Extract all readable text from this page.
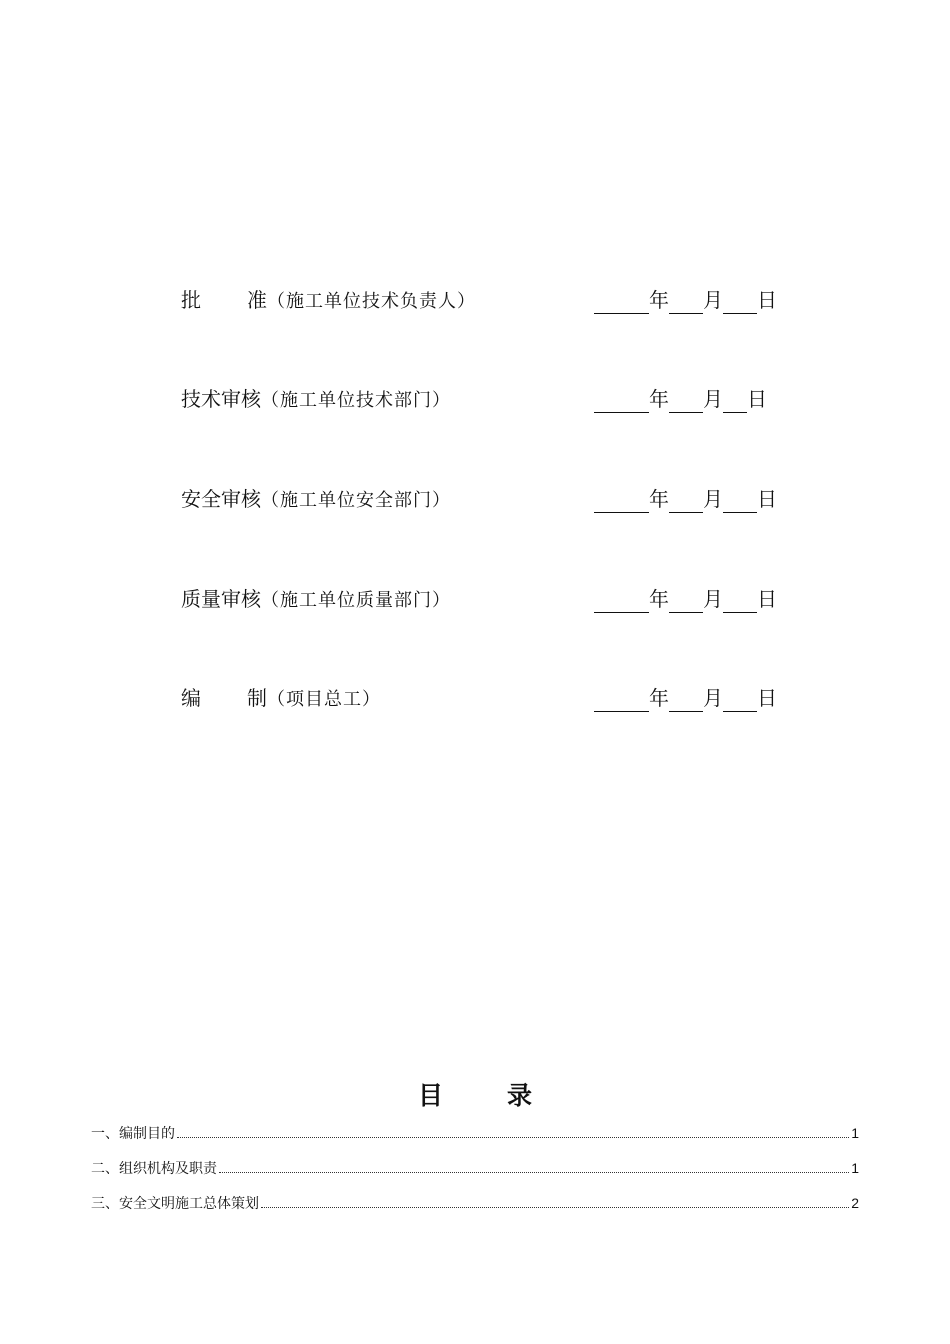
批 准 （施工单位技术负责人）	年 月 日
技术审核（施工单位技术部门）	年 月 日
安全审核（施工单位安全部门）	年 月 日
质量审核（施工单位质量部门）	年 月 日
编 制 （项目总工）	年 月 日
目	录
一、编制目的	1
二、组织机构及职责	1
三、安全文明施工总体策划	2
